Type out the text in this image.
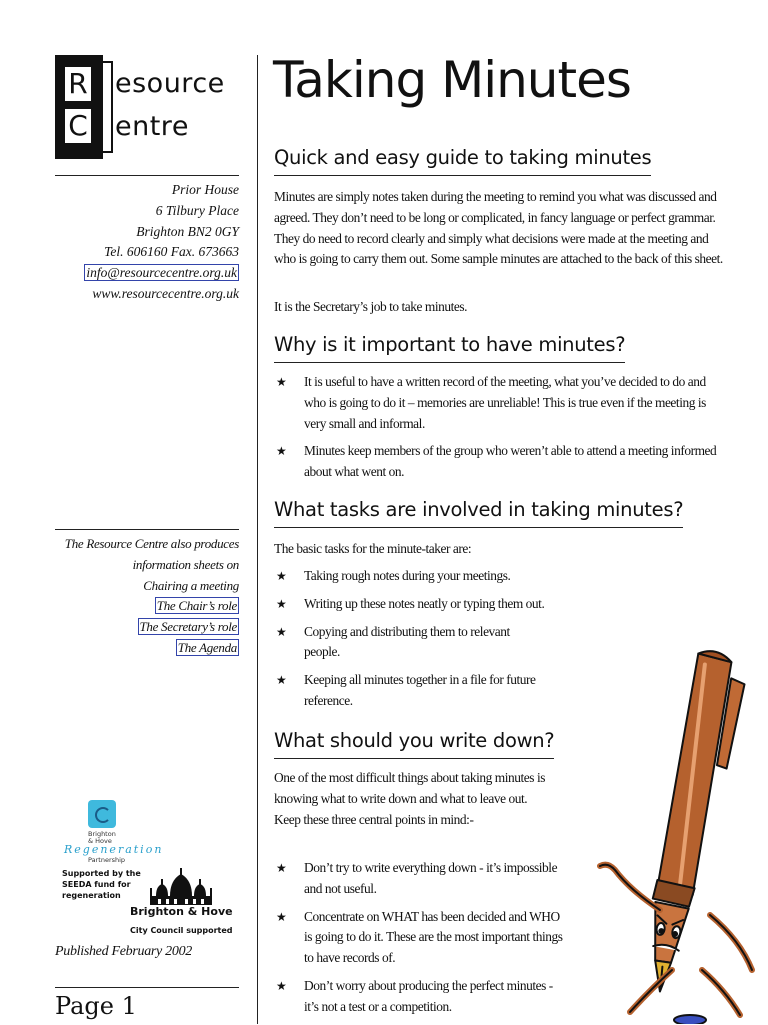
R
C
esource
entre
Prior House
6 Tilbury Place
Brighton BN2 0GY
Tel. 606160 Fax. 673663
info@resourcecentre.org.uk
www.resourcecentre.org.uk
The Resource Centre also produces
information sheets on
Chairing a meeting
The Chair’s role
The Secretary’s role
The Agenda
Brighton
& Hove
Regeneration
Partnership
Supported by the SEEDA fund for regeneration
Brighton & Hove
City Council supported
Published February 2002
Page 1
Taking Minutes
Quick and easy guide to taking minutes

Minutes are simply notes taken during the meeting to remind you what was discussed and agreed. They don’t need to be long or complicated, in fancy language or perfect grammar. They do need to record clearly and simply what decisions were made at the meeting and who is going to carry them out. Some sample minutes are attached to the back of this sheet.

It is the Secretary’s job to take minutes.

Why is it important to have minutes?
★ It is useful to have a written record of the meeting, what you’ve decided to do and who is going to do it – memories are unreliable! This is true even if the meeting is very small and informal.
★ Minutes keep members of the group who weren’t able to attend a meeting informed about what went on.
What tasks are involved in taking minutes?

The basic tasks for the minute-taker are:

★ Taking rough notes during your meetings.
★ Writing up these notes neatly or typing them out.
★ Copying and distributing them to relevant people.
★ Keeping all minutes together in a file for future reference.
What should you write down?

One of the most difficult things about taking minutes is knowing what to write down and what to leave out. Keep these three central points in mind:-

★ Don’t try to write everything down - it’s impossible and not useful.
★ Concentrate on WHAT has been decided and WHO is going to do it. These are the most important things to have records of.
★ Don’t worry about producing the perfect minutes - it’s not a test or a competition.
